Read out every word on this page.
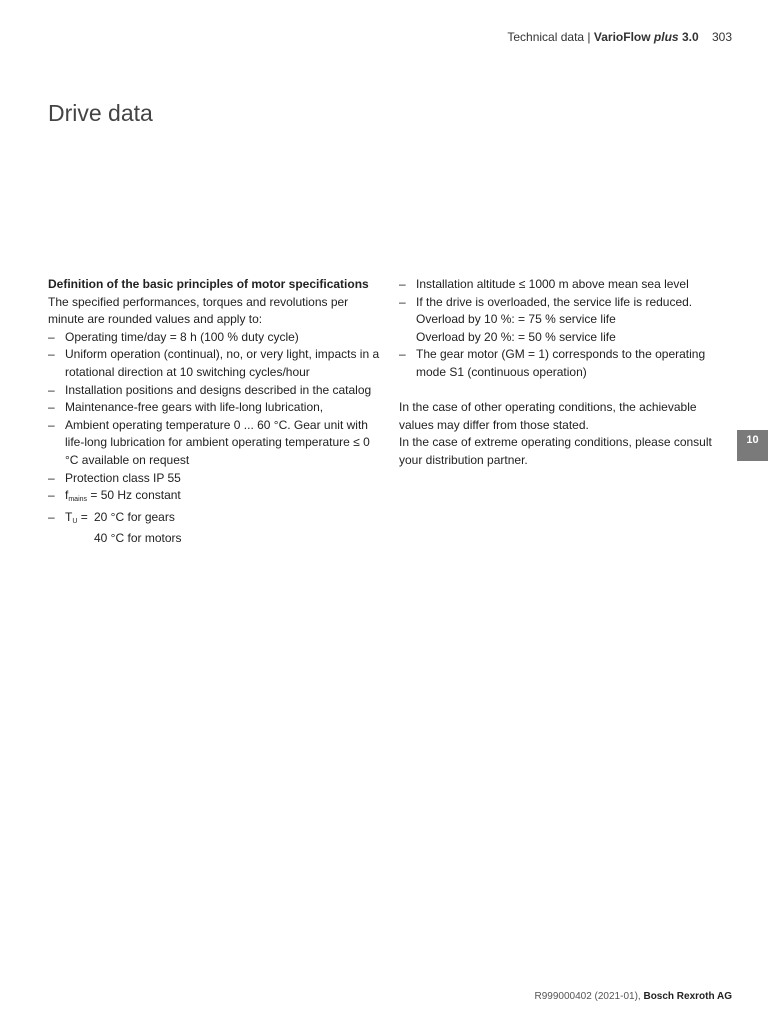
Technical data | VarioFlow plus 3.0 303
Drive data

Definition of the basic principles of motor specifications

The specified performances, torques and revolutions per minute are rounded values and apply to:

– Operating time/day = 8 h (100 % duty cycle)
– Uniform operation (continual), no, or very light, impacts in a rotational direction at 10 switching cycles/hour
– Installation positions and designs described in the catalog
– Maintenance-free gears with life-long lubrication,
– Ambient operating temperature 0 ... 60 °C. Gear unit with life-long lubrication for ambient operating temperature ≤ 0 °C available on request
– Protection class IP 55
– $f_{mains} = 50$ Hz constant
– $T_U = 20$ °C for gears
40 °C for motors
– Installation altitude ≤ 1000 m above mean sea level
– If the drive is overloaded, the service life is reduced.
Overload by 10 %: = 75 % service life
Overload by 20 %: = 50 % service life
– The gear motor (GM = 1) corresponds to the operating mode S1 (continuous operation)

In the case of other operating conditions, the achievable values may differ from those stated.

In the case of extreme operating conditions, please consult your distribution partner.

10
R999000402 (2021-01), Bosch Rexroth AG
